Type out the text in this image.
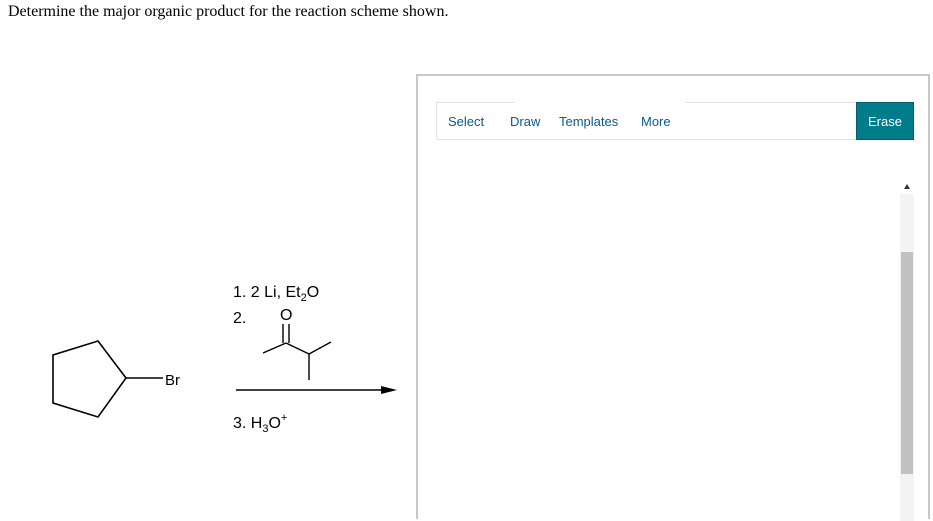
Determine the major organic product for the reaction scheme shown.
Br
1. 2 Li, $Et_2O$
2. O
3. $H_3O^+$
Select Draw Templates More	Erase
